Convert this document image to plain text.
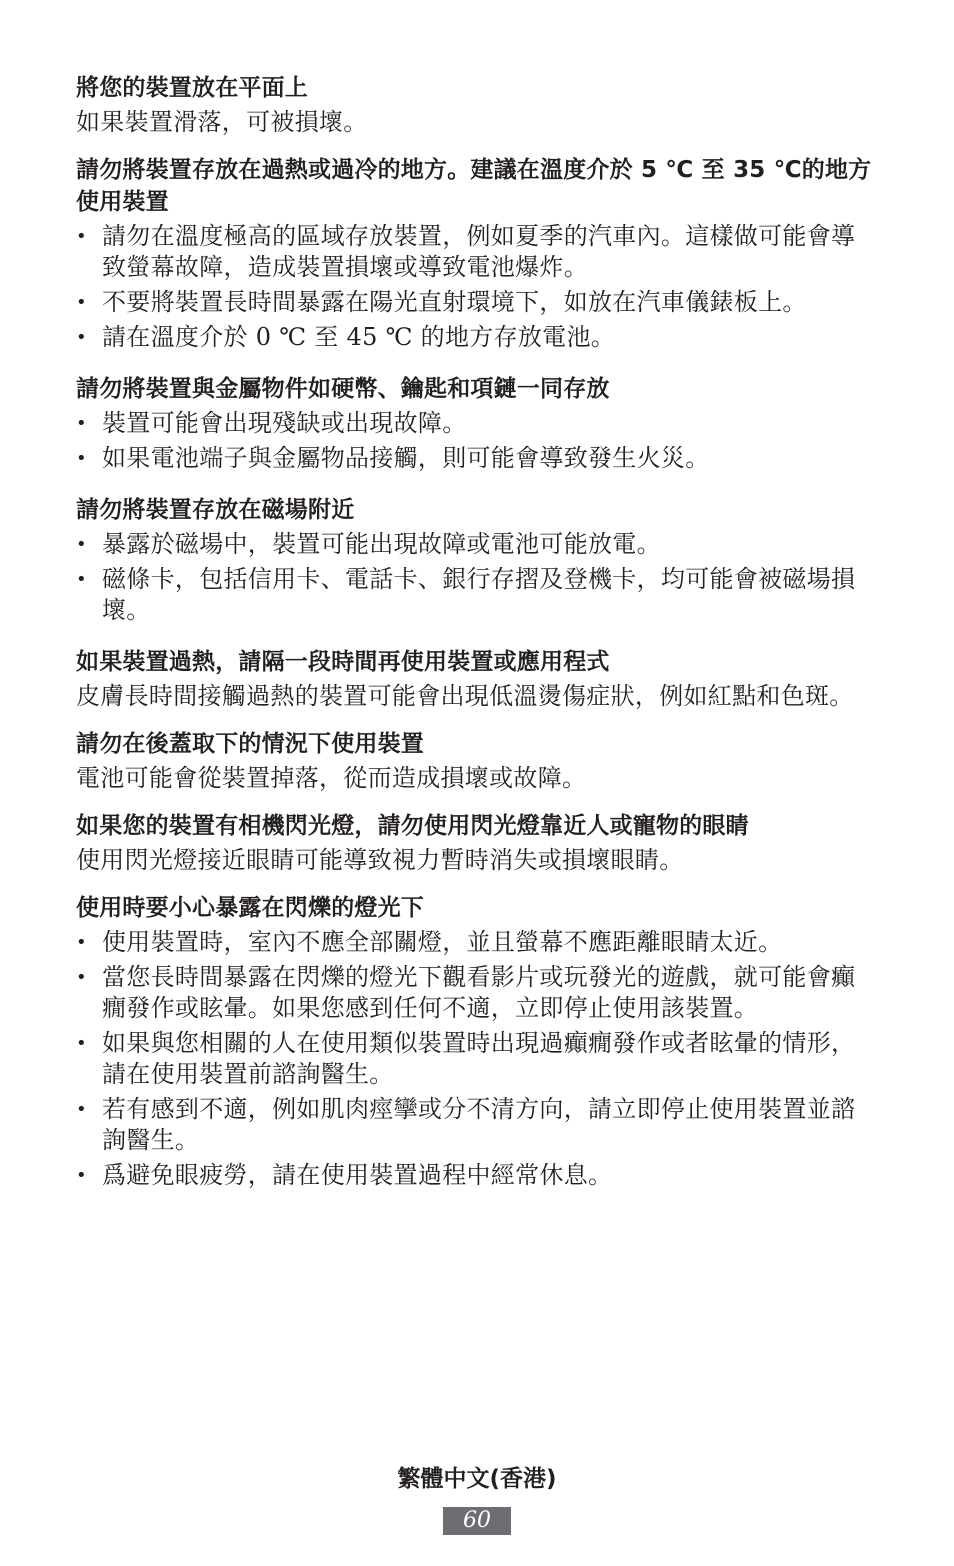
將您的裝置放在平面上

如果裝置滑落，可被損壞。

請勿將裝置存放在過熱或過冷的地方。建議在溫度介於 5 ℃ 至 35 ℃的地方使用裝置
• 請勿在溫度極高的區域存放裝置，例如夏季的汽車內。這樣做可能會導致螢幕故障，造成裝置損壞或導致電池爆炸。
• 不要將裝置長時間暴露在陽光直射環境下，如放在汽車儀錶板上。
• 請在溫度介於 0 ℃ 至 45 ℃ 的地方存放電池。
請勿將裝置與金屬物件如硬幣、鑰匙和項鏈一同存放
• 裝置可能會出現殘缺或出現故障。
• 如果電池端子與金屬物品接觸，則可能會導致發生火災。
請勿將裝置存放在磁場附近
• 暴露於磁場中，裝置可能出現故障或電池可能放電。
• 磁條卡，包括信用卡、電話卡、銀行存摺及登機卡，均可能會被磁場損壞。
如果裝置過熱，請隔一段時間再使用裝置或應用程式

皮膚長時間接觸過熱的裝置可能會出現低溫燙傷症狀，例如紅點和色斑。

請勿在後蓋取下的情況下使用裝置

電池可能會從裝置掉落，從而造成損壞或故障。

如果您的裝置有相機閃光燈，請勿使用閃光燈靠近人或寵物的眼睛

使用閃光燈接近眼睛可能導致視力暫時消失或損壞眼睛。

使用時要小心暴露在閃爍的燈光下
• 使用裝置時，室內不應全部關燈，並且螢幕不應距離眼睛太近。
• 當您長時間暴露在閃爍的燈光下觀看影片或玩發光的遊戲，就可能會癲癇發作或眩暈。如果您感到任何不適，立即停止使用該裝置。
• 如果與您相關的人在使用類似裝置時出現過癲癇發作或者眩暈的情形，請在使用裝置前諮詢醫生。
• 若有感到不適，例如肌肉痙攣或分不清方向，請立即停止使用裝置並諮詢醫生。
• 爲避免眼疲勞，請在使用裝置過程中經常休息。
繁體中文(香港)
60
